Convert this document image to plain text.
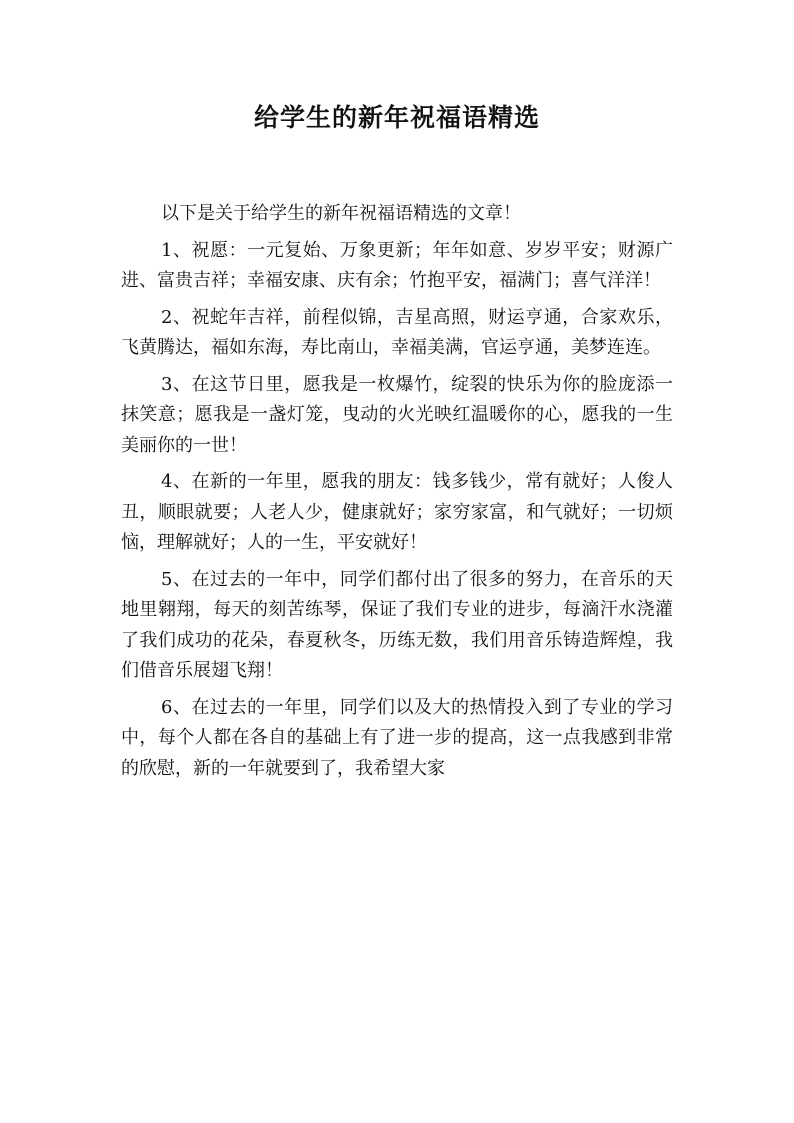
给学生的新年祝福语精选

以下是关于给学生的新年祝福语精选的文章！

1、祝愿：一元复始、万象更新；年年如意、岁岁平安；财源广进、富贵吉祥；幸福安康、庆有余；竹抱平安，福满门；喜气洋洋！

2、祝蛇年吉祥，前程似锦，吉星高照，财运亨通，合家欢乐，飞黄腾达，福如东海，寿比南山，幸福美满，官运亨通，美梦连连。

3、在这节日里，愿我是一枚爆竹，绽裂的快乐为你的脸庞添一抹笑意；愿我是一盏灯笼，曳动的火光映红温暖你的心，愿我的一生美丽你的一世！

4、在新的一年里，愿我的朋友：钱多钱少，常有就好；人俊人丑，顺眼就要；人老人少，健康就好；家穷家富，和气就好；一切烦恼，理解就好；人的一生，平安就好！

5、在过去的一年中，同学们都付出了很多的努力，在音乐的天地里翱翔，每天的刻苦练琴，保证了我们专业的进步，每滴汗水浇灌了我们成功的花朵，春夏秋冬，历练无数，我们用音乐铸造辉煌，我们借音乐展翅飞翔！

6、在过去的一年里，同学们以及大的热情投入到了专业的学习中，每个人都在各自的基础上有了进一步的提高，这一点我感到非常的欣慰，新的一年就要到了，我希望大家
